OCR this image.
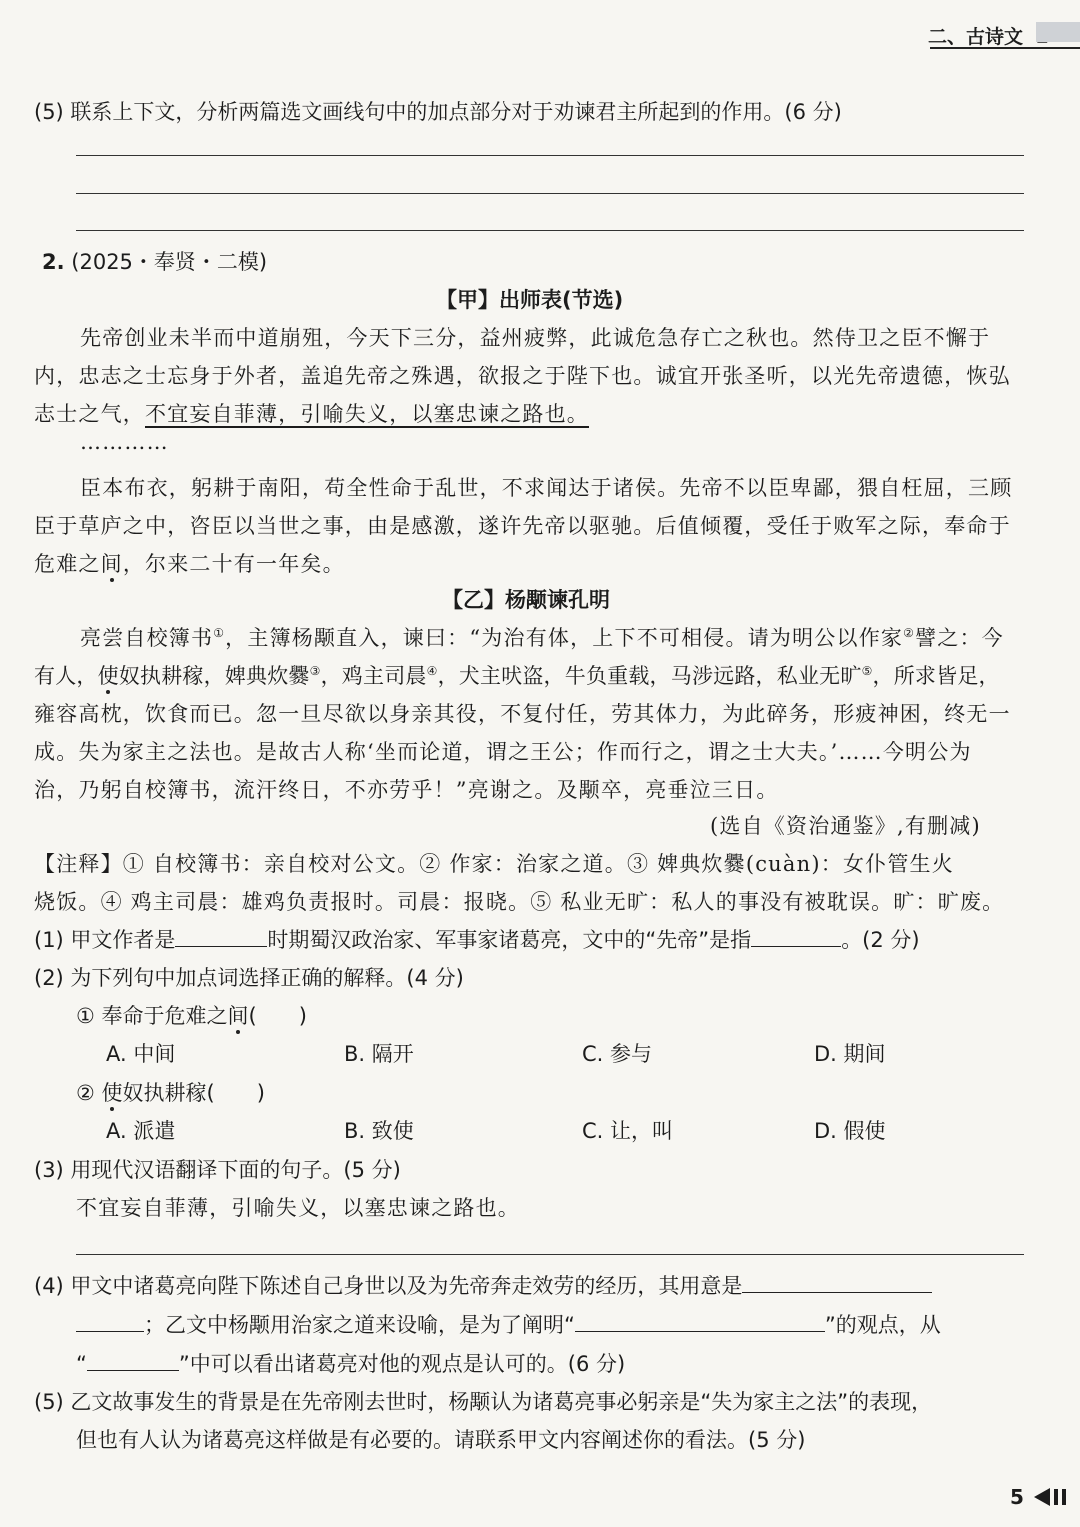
二、古诗文
(5) 联系上下文，分析两篇选文画线句中的加点部分对于劝谏君主所起到的作用。(6 分)
2. (2025・奉贤・二模)
【甲】出师表(节选)
先帝创业未半而中道崩殂，今天下三分，益州疲弊，此诚危急存亡之秋也。然侍卫之臣不懈于
内，忠志之士忘身于外者，盖追先帝之殊遇，欲报之于陛下也。诚宜开张圣听，以光先帝遗德，恢弘
志士之气，不宜妄自菲薄，引喻失义，以塞忠谏之路也。
…………
臣本布衣，躬耕于南阳，苟全性命于乱世，不求闻达于诸侯。先帝不以臣卑鄙，猥自枉屈，三顾
臣于草庐之中，咨臣以当世之事，由是感激，遂许先帝以驱驰。后值倾覆，受任于败军之际，奉命于
危难之间，尔来二十有一年矣。
【乙】杨颙谏孔明
亮尝自校簿书①，主簿杨颙直入，谏曰：“为治有体，上下不可相侵。请为明公以作家②譬之：今
有人，使奴执耕稼，婢典炊爨③，鸡主司晨④，犬主吠盗，牛负重载，马涉远路，私业无旷⑤，所求皆足，
雍容高枕，饮食而已。忽一旦尽欲以身亲其役，不复付任，劳其体力，为此碎务，形疲神困，终无一
成。失为家主之法也。是故古人称‘坐而论道，谓之王公；作而行之，谓之士大夫。’……今明公为
治，乃躬自校簿书，流汗终日，不亦劳乎！”亮谢之。及颙卒，亮垂泣三日。
(选自《资治通鉴》,有删减)
【注释】① 自校簿书：亲自校对公文。② 作家：治家之道。③ 婢典炊爨(cuàn)：女仆管生火
烧饭。④ 鸡主司晨：雄鸡负责报时。司晨：报晓。⑤ 私业无旷：私人的事没有被耽误。旷：旷废。
(1) 甲文作者是	时期蜀汉政治家、军事家诸葛亮，文中的“先帝”是指	。(2 分)
(2) 为下列句中加点词选择正确的解释。(4 分)
① 奉命于危难之间(　　)
A. 中间	B. 隔开	C. 参与	D. 期间
② 使奴执耕稼(　　)
A. 派遣	B. 致使	C. 让，叫	D. 假使
(3) 用现代汉语翻译下面的句子。(5 分)
不宜妄自菲薄，引喻失义，以塞忠谏之路也。
(4) 甲文中诸葛亮向陛下陈述自己身世以及为先帝奔走效劳的经历，其用意是
；乙文中杨颙用治家之道来设喻，是为了阐明“	”的观点，从
“	”中可以看出诸葛亮对他的观点是认可的。(6 分)
(5) 乙文故事发生的背景是在先帝刚去世时，杨颙认为诸葛亮事必躬亲是“失为家主之法”的表现，
但也有人认为诸葛亮这样做是有必要的。请联系甲文内容阐述你的看法。(5 分)
5
